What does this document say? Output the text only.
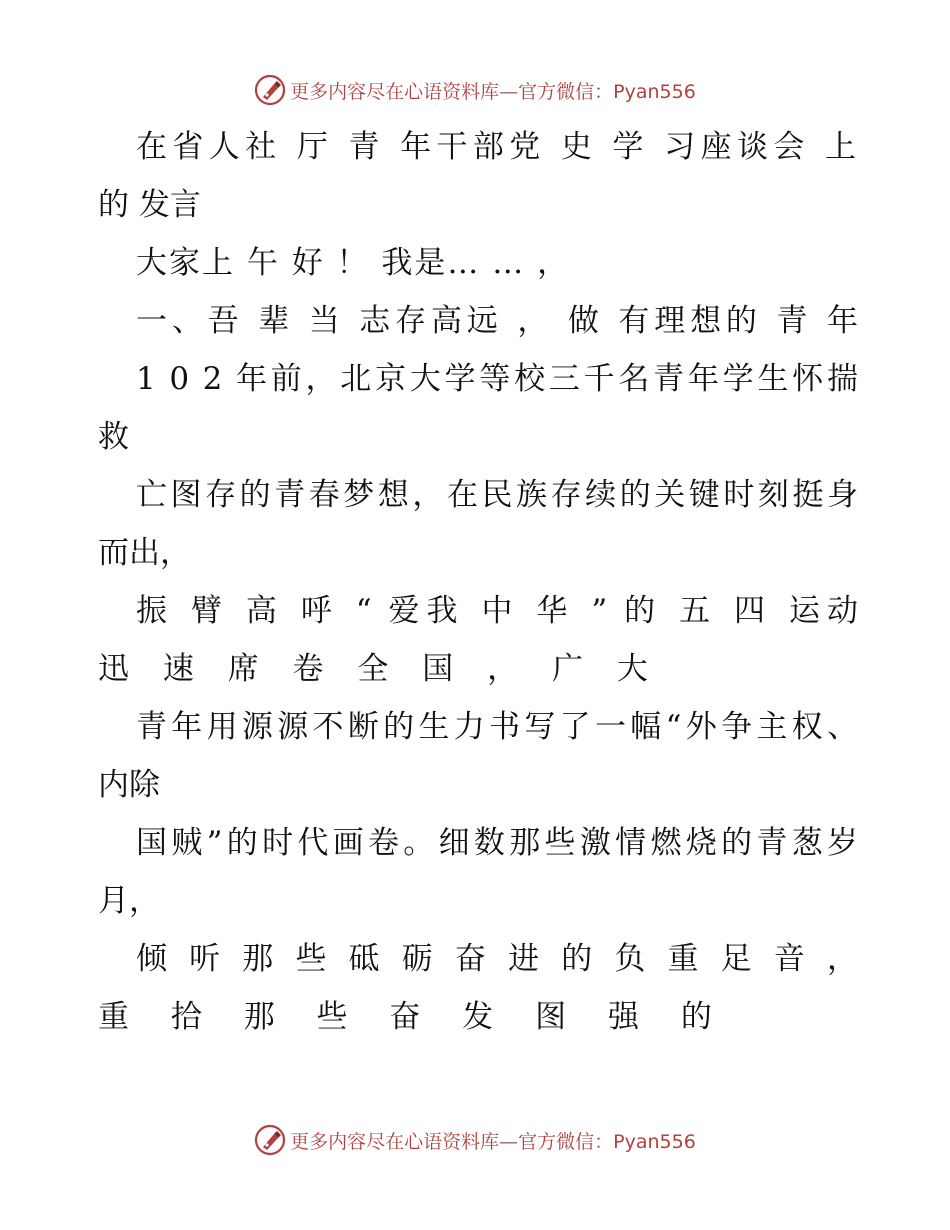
更多内容尽在心语资料库—官方微信：Pyan556
在省人社 厅 青 年干部党 史 学 习座谈会 上
的 发言
大家上 午 好 ！ 我是… … ，
一、吾 辈 当 志存高远 ， 做 有理想的 青 年
1 0 2 年前，北京大学等校三千名青年学生怀揣
救
亡图存的青春梦想，在民族存续的关键时刻挺身
而出，
振 臂 高 呼 “ 爱我 中 华 ” 的 五 四 运动
迅 速 席 卷 全 国 ， 广 大
青年用源源不断的生力书写了一幅“外争主权、
内除
国贼”的时代画卷。细数那些激情燃烧的青葱岁
月，
倾 听 那 些 砥 砺 奋 进 的 负 重 足 音 ，
重 拾 那 些 奋 发 图 强 的
更多内容尽在心语资料库—官方微信：Pyan556
